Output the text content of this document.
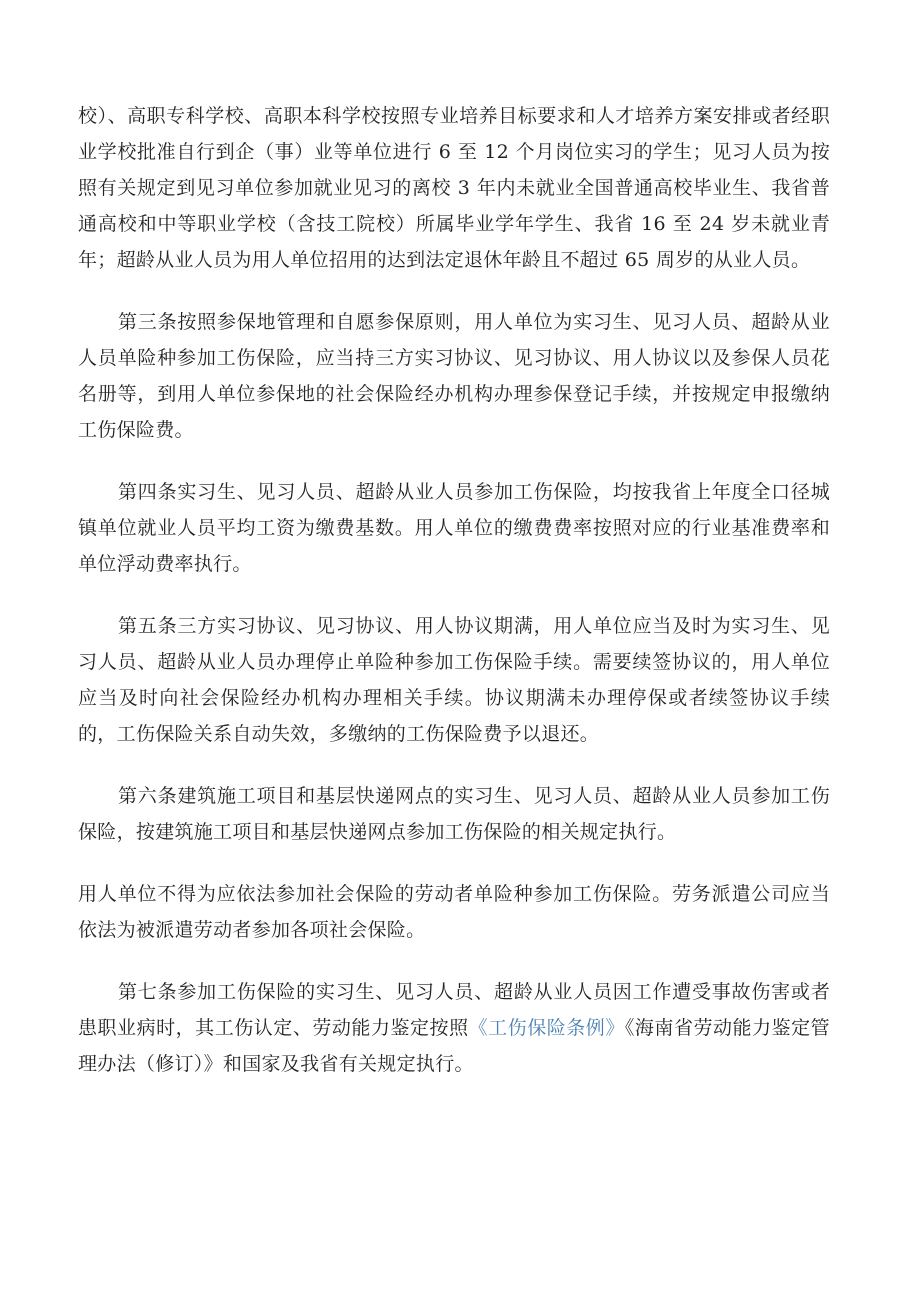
校）、高职专科学校、高职本科学校按照专业培养目标要求和人才培养方案安排或者经职业学校批准自行到企（事）业等单位进行 6 至 12 个月岗位实习的学生；见习人员为按照有关规定到见习单位参加就业见习的离校 3 年内未就业全国普通高校毕业生、我省普通高校和中等职业学校（含技工院校）所属毕业学年学生、我省 16 至 24 岁未就业青年；超龄从业人员为用人单位招用的达到法定退休年龄且不超过 65 周岁的从业人员。

第三条按照参保地管理和自愿参保原则，用人单位为实习生、见习人员、超龄从业人员单险种参加工伤保险，应当持三方实习协议、见习协议、用人协议以及参保人员花名册等，到用人单位参保地的社会保险经办机构办理参保登记手续，并按规定申报缴纳工伤保险费。

第四条实习生、见习人员、超龄从业人员参加工伤保险，均按我省上年度全口径城镇单位就业人员平均工资为缴费基数。用人单位的缴费费率按照对应的行业基准费率和单位浮动费率执行。

第五条三方实习协议、见习协议、用人协议期满，用人单位应当及时为实习生、见习人员、超龄从业人员办理停止单险种参加工伤保险手续。需要续签协议的，用人单位应当及时向社会保险经办机构办理相关手续。协议期满未办理停保或者续签协议手续的，工伤保险关系自动失效，多缴纳的工伤保险费予以退还。

第六条建筑施工项目和基层快递网点的实习生、见习人员、超龄从业人员参加工伤保险，按建筑施工项目和基层快递网点参加工伤保险的相关规定执行。

用人单位不得为应依法参加社会保险的劳动者单险种参加工伤保险。劳务派遣公司应当依法为被派遣劳动者参加各项社会保险。

第七条参加工伤保险的实习生、见习人员、超龄从业人员因工作遭受事故伤害或者患职业病时，其工伤认定、劳动能力鉴定按照《工伤保险条例》《海南省劳动能力鉴定管理办法（修订）》和国家及我省有关规定执行。
